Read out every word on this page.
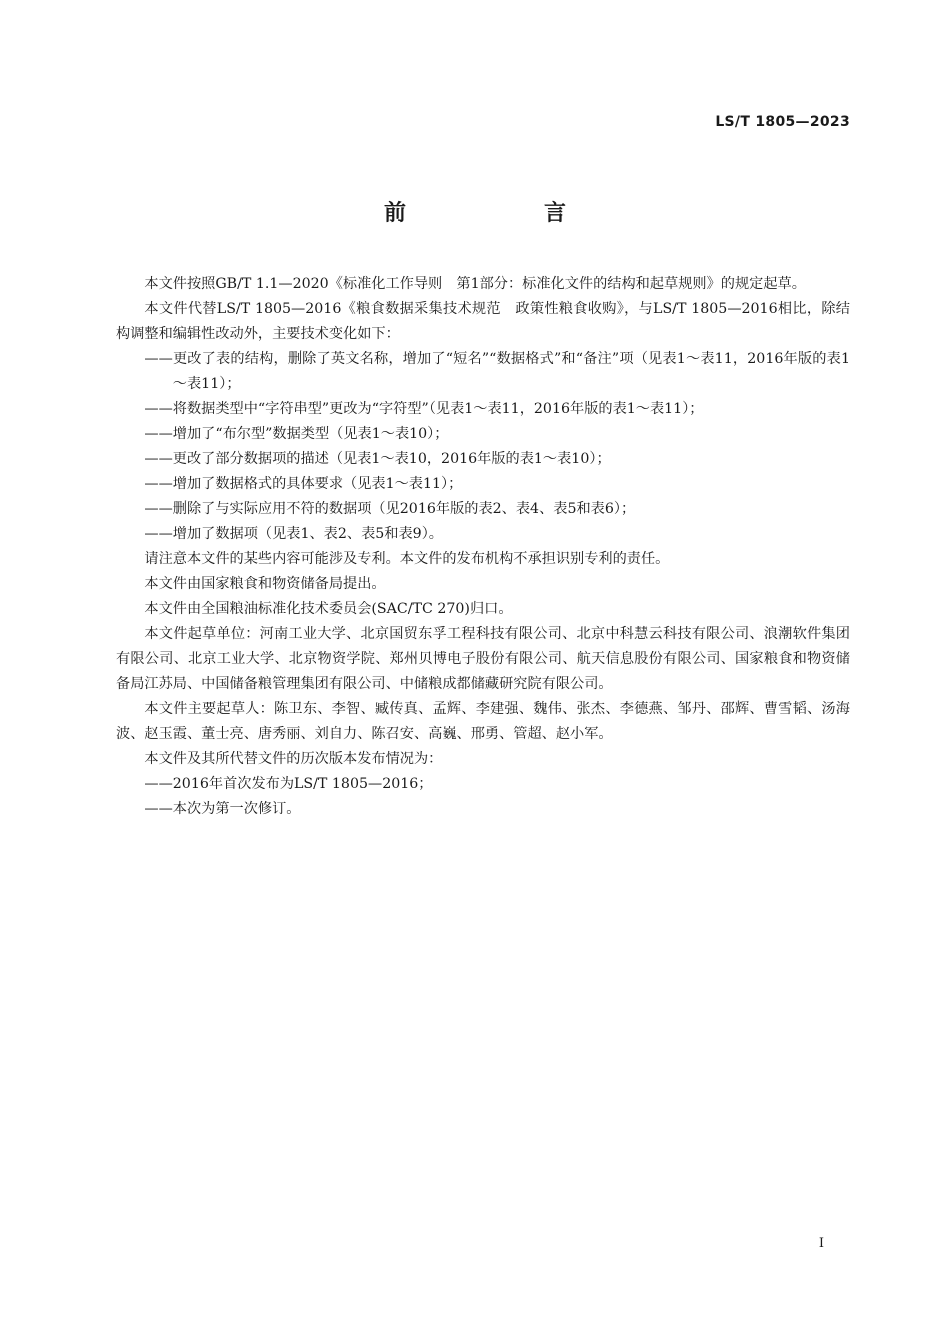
LS/T 1805—2023
前　言

本文件按照GB/T 1.1—2020《标准化工作导则　第1部分：标准化文件的结构和起草规则》的规定起草。

本文件代替LS/T 1805—2016《粮食数据采集技术规范　政策性粮食收购》，与LS/T 1805—2016相比，除结构调整和编辑性改动外，主要技术变化如下：

——更改了表的结构，删除了英文名称，增加了“短名”“数据格式”和“备注”项（见表1～表11，2016年版的表1～表11）；

——将数据类型中“字符串型”更改为“字符型”（见表1～表11，2016年版的表1～表11）；

——增加了“布尔型”数据类型（见表1～表10）；

——更改了部分数据项的描述（见表1～表10，2016年版的表1～表10）；

——增加了数据格式的具体要求（见表1～表11）；

——删除了与实际应用不符的数据项（见2016年版的表2、表4、表5和表6）；

——增加了数据项（见表1、表2、表5和表9）。

请注意本文件的某些内容可能涉及专利。本文件的发布机构不承担识别专利的责任。

本文件由国家粮食和物资储备局提出。

本文件由全国粮油标准化技术委员会(SAC/TC 270)归口。

本文件起草单位：河南工业大学、北京国贸东孚工程科技有限公司、北京中科慧云科技有限公司、浪潮软件集团有限公司、北京工业大学、北京物资学院、郑州贝博电子股份有限公司、航天信息股份有限公司、国家粮食和物资储备局江苏局、中国储备粮管理集团有限公司、中储粮成都储藏研究院有限公司。

本文件主要起草人：陈卫东、李智、臧传真、孟辉、李建强、魏伟、张杰、李德燕、邹丹、邵辉、曹雪韬、汤海波、赵玉霞、董士亮、唐秀丽、刘自力、陈召安、高巍、邢勇、管超、赵小军。

本文件及其所代替文件的历次版本发布情况为：

——2016年首次发布为LS/T 1805—2016；

——本次为第一次修订。

I
